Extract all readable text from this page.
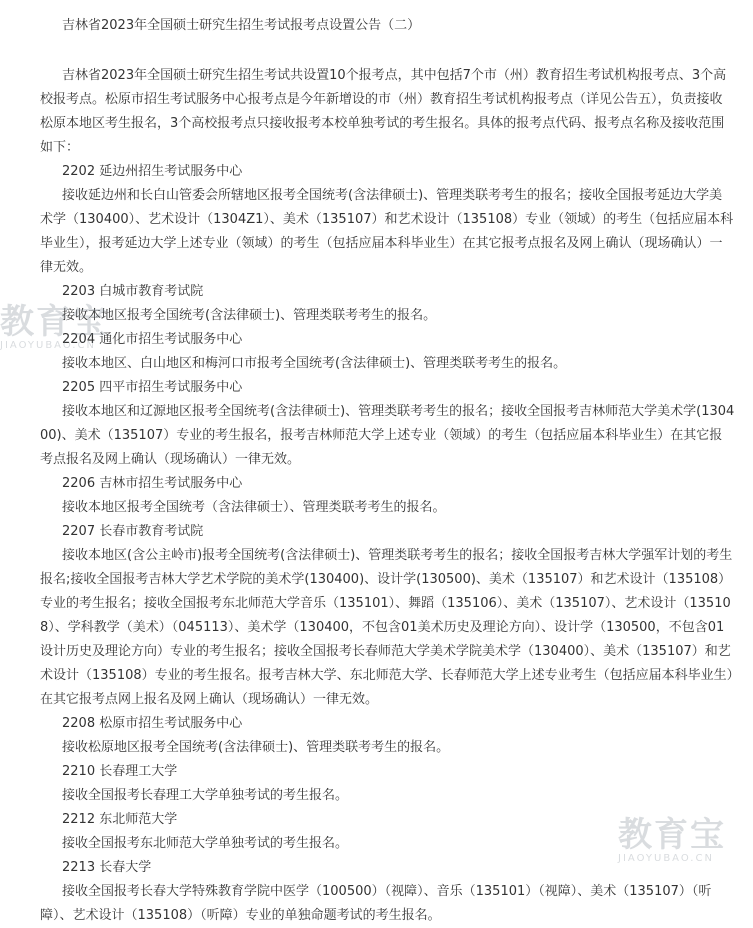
吉林省2023年全国硕士研究生招生考试报考点设置公告（二）

吉林省2023年全国硕士研究生招生考试共设置10个报考点，其中包括7个市（州）教育招生考试机构报考点、3个高校报考点。松原市招生考试服务中心报考点是今年新增设的市（州）教育招生考试机构报考点（详见公告五），负责接收松原本地区考生报名，3个高校报考点只接收报考本校单独考试的考生报名。具体的报考点代码、报考点名称及接收范围如下：

2202 延边州招生考试服务中心

接收延边州和长白山管委会所辖地区报考全国统考(含法律硕士)、管理类联考考生的报名；接收全国报考延边大学美术学（130400）、艺术设计（1304Z1）、美术（135107）和艺术设计（135108）专业（领域）的考生（包括应届本科毕业生），报考延边大学上述专业（领域）的考生（包括应届本科毕业生）在其它报考点报名及网上确认（现场确认）一律无效。

2203 白城市教育考试院

接收本地区报考全国统考(含法律硕士)、管理类联考考生的报名。

2204 通化市招生考试服务中心

接收本地区、白山地区和梅河口市报考全国统考(含法律硕士)、管理类联考考生的报名。

2205 四平市招生考试服务中心

接收本地区和辽源地区报考全国统考(含法律硕士)、管理类联考考生的报名；接收全国报考吉林师范大学美术学(130400)、美术（135107）专业的考生报名，报考吉林师范大学上述专业（领域）的考生（包括应届本科毕业生）在其它报考点报名及网上确认（现场确认）一律无效。

2206 吉林市招生考试服务中心

接收本地区报考全国统考（含法律硕士）、管理类联考考生的报名。

2207 长春市教育考试院

接收本地区(含公主岭市)报考全国统考(含法律硕士)、管理类联考考生的报名；接收全国报考吉林大学强军计划的考生报名;接收全国报考吉林大学艺术学院的美术学(130400)、设计学(130500)、美术（135107）和艺术设计（135108）专业的考生报名；接收全国报考东北师范大学音乐（135101）、舞蹈（135106）、美术（135107）、艺术设计（135108）、学科教学（美术）（045113）、美术学（130400，不包含01美术历史及理论方向）、设计学（130500，不包含01设计历史及理论方向）专业的考生报名；接收全国报考长春师范大学美术学院美术学（130400）、美术（135107）和艺术设计（135108）专业的考生报名。报考吉林大学、东北师范大学、长春师范大学上述专业考生（包括应届本科毕业生）在其它报考点网上报名及网上确认（现场确认）一律无效。

2208 松原市招生考试服务中心

接收松原地区报考全国统考(含法律硕士)、管理类联考考生的报名。

2210 长春理工大学

接收全国报考长春理工大学单独考试的考生报名。

2212 东北师范大学

接收全国报考东北师范大学单独考试的考生报名。

2213 长春大学

接收全国报考长春大学特殊教育学院中医学（100500）（视障）、音乐（135101）（视障）、美术（135107）（听障）、艺术设计（135108）（听障）专业的单独命题考试的考生报名。

教育宝
JIAOYUBAO.CN
教育宝
JIAOYUBAO.CN
